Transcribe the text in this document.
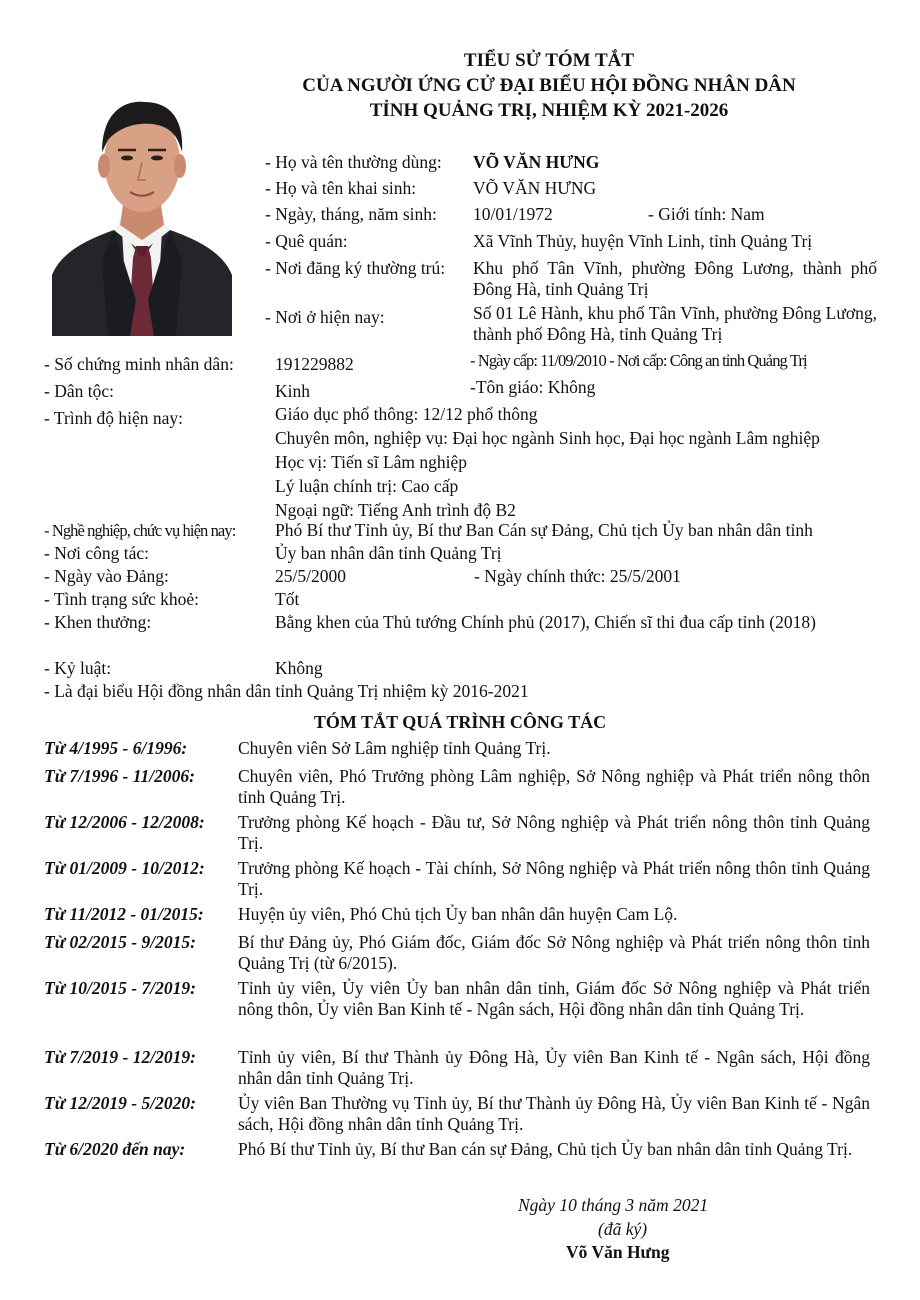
TIỂU SỬ TÓM TẮT
CỦA NGƯỜI ỨNG CỬ ĐẠI BIỂU HỘI ĐỒNG NHÂN DÂN
TỈNH QUẢNG TRỊ, NHIỆM KỲ 2021-2026
- Họ và tên thường dùng: VÕ VĂN HƯNG
- Họ và tên khai sinh:	VÕ VĂN HƯNG
- Ngày, tháng, năm sinh: 10/01/1972	- Giới tính: Nam
- Quê quán:	Xã Vĩnh Thủy, huyện Vĩnh Linh, tỉnh Quảng Trị
- Nơi đăng ký thường trú: Khu phố Tân Vĩnh, phường Đông Lương, thành phố Đông Hà, tỉnh Quảng Trị
- Nơi ở hiện nay:	Số 01 Lê Hành, khu phố Tân Vĩnh, phường Đông Lương, thành phố Đông Hà, tỉnh Quảng Trị
- Số chứng minh nhân dân: 191229882	- Ngày cấp: 11/09/2010 - Nơi cấp: Công an tỉnh Quảng Trị
- Dân tộc:	Kinh	-Tôn giáo: Không
- Trình độ hiện nay:	Giáo dục phổ thông: 12/12 phổ thông
Chuyên môn, nghiệp vụ: Đại học ngành Sinh học, Đại học ngành Lâm nghiệp
Học vị: Tiến sĩ Lâm nghiệp
Lý luận chính trị: Cao cấp
Ngoại ngữ: Tiếng Anh trình độ B2
- Nghề nghiệp, chức vụ hiện nay: Phó Bí thư Tỉnh ủy, Bí thư Ban Cán sự Đảng, Chủ tịch Ủy ban nhân dân tỉnh
- Nơi công tác:	Ủy ban nhân dân tỉnh Quảng Trị
- Ngày vào Đảng:	25/5/2000	- Ngày chính thức: 25/5/2001
- Tình trạng sức khoẻ:	Tốt
- Khen thưởng:	Bằng khen của Thủ tướng Chính phủ (2017), Chiến sĩ thi đua cấp tỉnh (2018)
- Kỷ luật:	Không
- Là đại biểu Hội đồng nhân dân tỉnh Quảng Trị nhiệm kỳ 2016-2021
TÓM TẮT QUÁ TRÌNH CÔNG TÁC
Từ 4/1995 - 6/1996:	Chuyên viên Sở Lâm nghiệp tỉnh Quảng Trị.
Từ 7/1996 - 11/2006: Chuyên viên, Phó Trưởng phòng Lâm nghiệp, Sở Nông nghiệp và Phát triển nông thôn tỉnh Quảng Trị.
Từ 12/2006 - 12/2008: Trưởng phòng Kế hoạch - Đầu tư, Sở Nông nghiệp và Phát triển nông thôn tỉnh Quảng Trị.
Từ 01/2009 - 10/2012: Trưởng phòng Kế hoạch - Tài chính, Sở Nông nghiệp và Phát triển nông thôn tỉnh Quảng Trị.
Từ 11/2012 - 01/2015: Huyện ủy viên, Phó Chủ tịch Ủy ban nhân dân huyện Cam Lộ.
Từ 02/2015 - 9/2015: Bí thư Đảng ủy, Phó Giám đốc, Giám đốc Sở Nông nghiệp và Phát triển nông thôn tỉnh Quảng Trị (từ 6/2015).
Từ 10/2015 - 7/2019: Tỉnh ủy viên, Ủy viên Ủy ban nhân dân tỉnh, Giám đốc Sở Nông nghiệp và Phát triển nông thôn, Ủy viên Ban Kinh tế - Ngân sách, Hội đồng nhân dân tỉnh Quảng Trị.
Từ 7/2019 - 12/2019: Tỉnh ủy viên, Bí thư Thành ủy Đông Hà, Ủy viên Ban Kinh tế - Ngân sách, Hội đồng nhân dân tỉnh Quảng Trị.
Từ 12/2019 - 5/2020: Ủy viên Ban Thường vụ Tỉnh ủy, Bí thư Thành ủy Đông Hà, Ủy viên Ban Kinh tế - Ngân sách, Hội đồng nhân dân tỉnh Quảng Trị.
Từ 6/2020 đến nay:	Phó Bí thư Tỉnh ủy, Bí thư Ban cán sự Đảng, Chủ tịch Ủy ban nhân dân tỉnh Quảng Trị.
Ngày 10 tháng 3 năm 2021
(đã ký)
Võ Văn Hưng
